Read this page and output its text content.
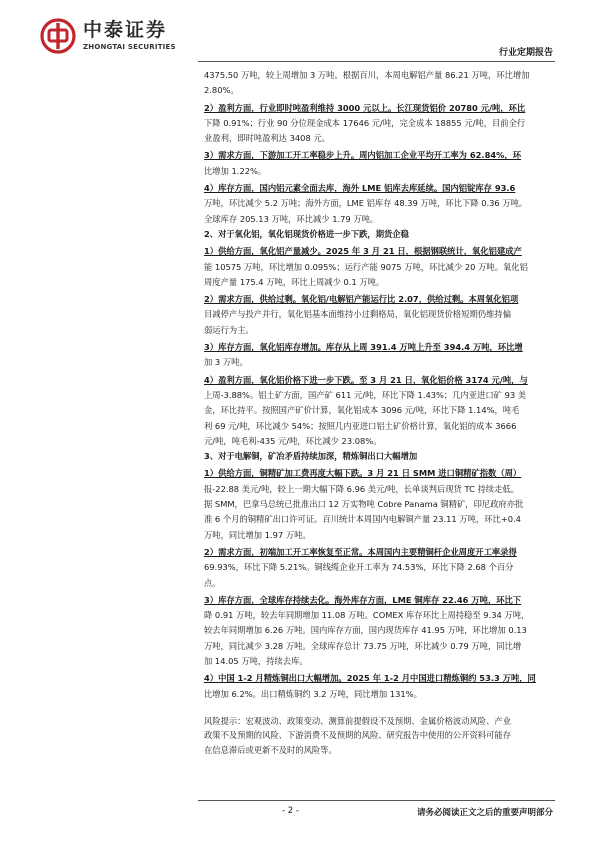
中泰证券
ZHONGTAI SECURITIES
行业定期报告

4375.50 万吨，较上周增加 3 万吨。根据百川，本周电解铝产量 86.21 万吨，环比增加

2.80%。

2）盈利方面，行业即时吨盈利维持 3000 元以上。长江现货铝价 20780 元/吨，环比

下降 0.91%；行业 90 分位现金成本 17646 元/吨，完全成本 18855 元/吨，目前全行

业盈利，即时吨盈利达 3408 元。

3）需求方面，下游加工开工率稳步上升。周内铝加工企业平均开工率为 62.84%，环

比增加 1.22%。

4）库存方面，国内铝元素全面去库，海外 LME 铝库去库延续。国内铝锭库存 93.6

万吨，环比减少 5.2 万吨；海外方面，LME 铝库存 48.39 万吨，环比下降 0.36 万吨。

全球库存 205.13 万吨，环比减少 1.79 万吨。

2、对于氧化铝，氧化铝现货价格进一步下跌，期货企稳

1）供给方面，氧化铝产量减少。2025 年 3 月 21 日，根据钢联统计，氧化铝建成产

能 10575 万吨，环比增加 0.095%；运行产能 9075 万吨，环比减少 20 万吨。氧化铝

周度产量 175.4 万吨，环比上周减少 0.1 万吨。

2）需求方面，供给过剩。氧化铝/电解铝产能运行比 2.07，供给过剩。本周氧化铝项

目减停产与投产并行，氧化铝基本面维持小过剩格局，氧化铝现货价格短期仍维持偏

弱运行为主。

3）库存方面，氧化铝库存增加。库存从上周 391.4 万吨上升至 394.4 万吨，环比增

加 3 万吨。

4）盈利方面，氧化铝价格下进一步下跌。至 3 月 21 日，氧化铝价格 3174 元/吨，与

上周-3.88%。铝土矿方面，国产矿 611 元/吨，环比下降 1.43%；几内亚进口矿 93 美

金，环比持平。按照国产矿价计算，氧化铝成本 3096 元/吨，环比下降 1.14%，吨毛

利 69 元/吨，环比减少 54%；按照几内亚进口铝土矿价格计算，氧化铝的成本 3666

元/吨，吨毛利-435 元/吨，环比减少 23.08%。

3、对于电解铜，矿冶矛盾持续加深，精炼铜出口大幅增加

1）供给方面，铜精矿加工费再度大幅下跌。3 月 21 日 SMM 进口铜精矿指数（周）

报-22.88 美元/吨，较上一期大幅下降 6.96 美元/吨，长单谈判后现货 TC 持续走低。

据 SMM，巴拿马总统已批准出口 12 万实物吨 Cobre Panama 铜精矿，印尼政府亦批

准 6 个月的铜精矿出口许可证。百川统计本周国内电解铜产量 23.11 万吨，环比+0.4

万吨，同比增加 1.97 万吨。

2）需求方面，初端加工开工率恢复至正常。本周国内主要精铜杆企业周度开工率录得

69.93%，环比下降 5.21%。铜线缆企业开工率为 74.53%，环比下降 2.68 个百分

点。

3）库存方面，全球库存持续去化。海外库存方面，LME 铜库存 22.46 万吨，环比下

降 0.91 万吨，较去年同期增加 11.08 万吨。COMEX 库存环比上周持稳至 9.34 万吨，

较去年同期增加 6.26 万吨。国内库存方面，国内现货库存 41.95 万吨，环比增加 0.13

万吨，同比减少 3.28 万吨。全球库存总计 73.75 万吨，环比减少 0.79 万吨，同比增

加 14.05 万吨，持续去库。

4）中国 1-2 月精炼铜出口大幅增加。2025 年 1-2 月中国进口精炼铜约 53.3 万吨，同

比增加 6.2%。出口精炼铜约 3.2 万吨，同比增加 131%。

风险提示：宏观波动、政策变动、测算前提假设不及预期、金属价格波动风险、产业

政策不及预期的风险、下游消费不及预期的风险、研究报告中使用的公开资料可能存

在信息滞后或更新不及时的风险等。

- 2 -	请务必阅读正文之后的重要声明部分
